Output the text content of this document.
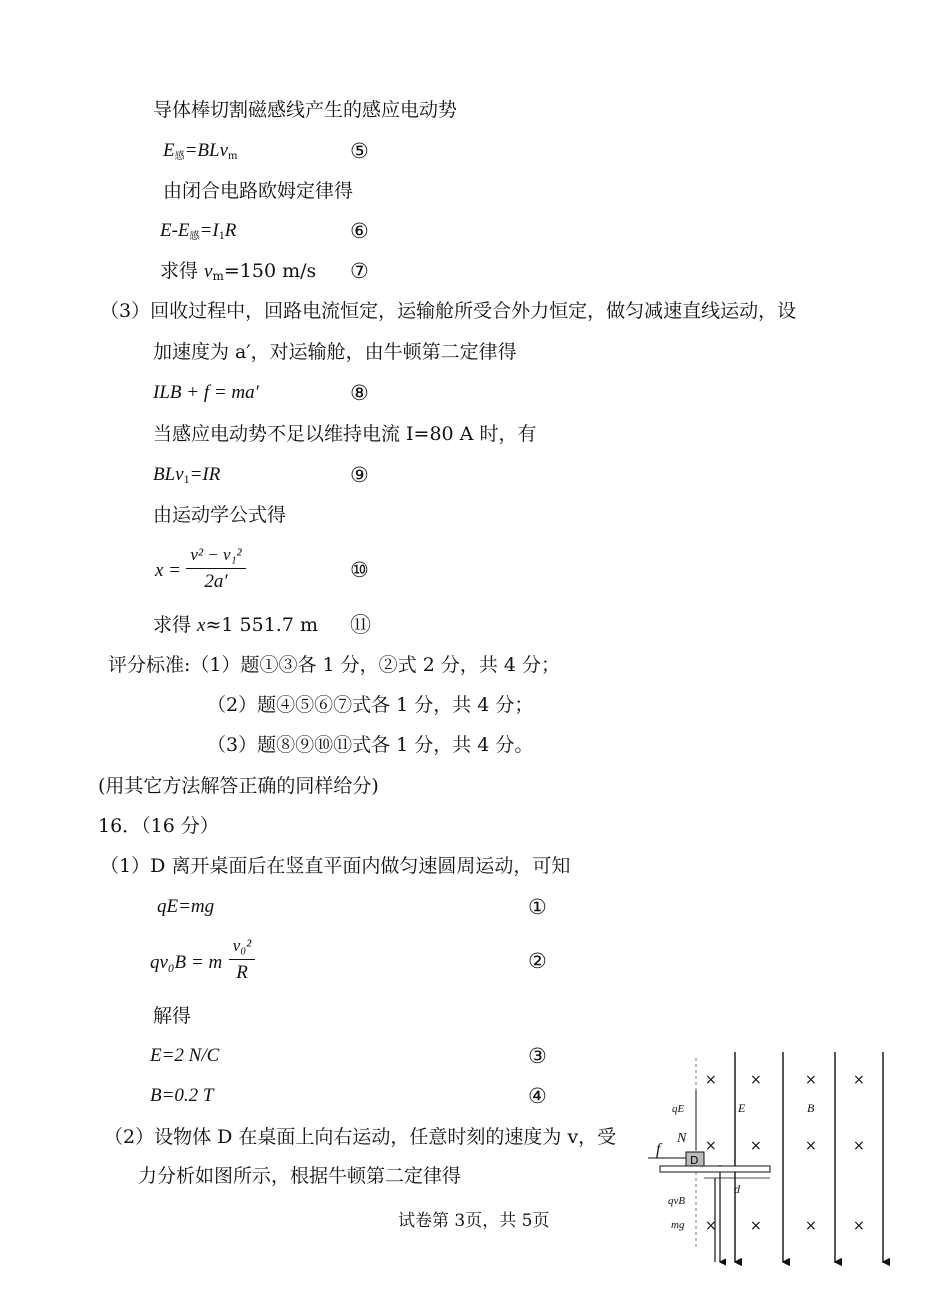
导体棒切割磁感线产生的感应电动势
$E_感=BLv_m$	⑤
由闭合电路欧姆定律得
$E-E_感=I_1R$	⑥
求得 $v_m=150$ m/s ⑦
（3）回收过程中，回路电流恒定，运输舱所受合外力恒定，做匀减速直线运动，设
加速度为 a′，对运输舱，由牛顿第二定律得
ILB + f = ma′	⑧
当感应电动势不足以维持电流 I=80 A 时，有
BLv$_1$=IR	⑨
由运动学公式得
x =
v² − v₁²
2a′	⑩
求得 x≈1 551.7 m ⑪
评分标准:（1）题①③各 1 分，②式 2 分，共 4 分；
（2）题④⑤⑥⑦式各 1 分，共 4 分；
（3）题⑧⑨⑩⑪式各 1 分，共 4 分。
(用其它方法解答正确的同样给分)
16．（16 分）
（1）D 离开桌面后在竖直平面内做匀速圆周运动，可知
qE=mg	①
qv₀B = m
v₀²
R	②
解得
E=2 N/C	③
B=0.2 T	④
（2）设物体 D 在桌面上向右运动，任意时刻的速度为 v，受
力分析如图所示，根据牛顿第二定律得
试卷第 3页，共 5页
× ×	×	×
× ×	×	×
× ×	×	×
D
qE	E	B
N
f
d
qvB
mg
